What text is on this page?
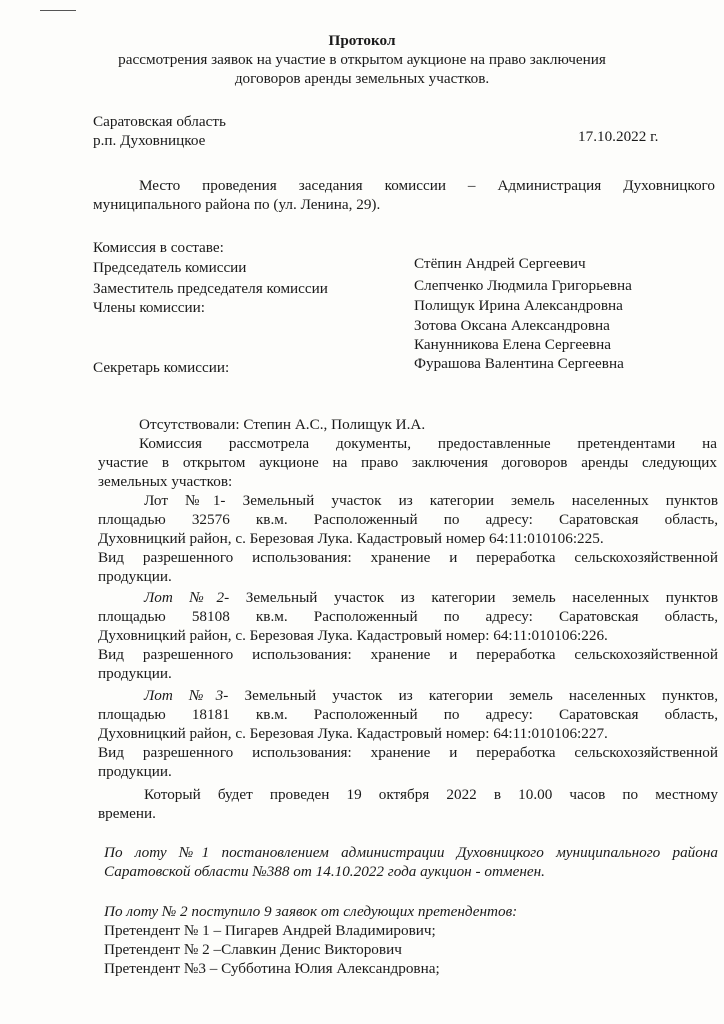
Протокол
рассмотрения заявок на участие в открытом аукционе на право заключения
договоров аренды земельных участков.
Саратовская область
р.п. Духовницкое	17.10.2022 г.
Место проведения заседания комиссии – Администрация Духовницкого
муниципального района по (ул. Ленина, 29).
Комиссия в составе:
Председатель комиссии	Стёпин Андрей Сергеевич
Заместитель председателя комиссии	Слепченко Людмила Григорьевна
Члены комиссии:	Полищук Ирина Александровна
Зотова Оксана Александровна
Канунникова Елена Сергеевна
Секретарь комиссии:	Фурашова Валентина Сергеевна
Отсутствовали: Степин А.С., Полищук И.А.
Комиссия рассмотрела документы, предоставленные претендентами на
участие в открытом аукционе на право заключения договоров аренды следующих
земельных участков:
Лот №1- Земельный участок из категории земель населенных пунктов
площадью 32576 кв.м. Расположенный по адресу: Саратовская область,
Духовницкий район, с. Березовая Лука. Кадастровый номер 64:11:010106:225.
Вид разрешенного использования: хранение и переработка сельскохозяйственной
продукции.
Лот №2- Земельный участок из категории земель населенных пунктов
площадью 58108 кв.м. Расположенный по адресу: Саратовская область,
Духовницкий район, с. Березовая Лука. Кадастровый номер: 64:11:010106:226.
Вид разрешенного использования: хранение и переработка сельскохозяйственной
продукции.
Лот №3- Земельный участок из категории земель населенных пунктов,
площадью 18181 кв.м. Расположенный по адресу: Саратовская область,
Духовницкий район, с. Березовая Лука. Кадастровый номер: 64:11:010106:227.
Вид разрешенного использования: хранение и переработка сельскохозяйственной
продукции.
Который будет проведен 19 октября 2022 в 10.00 часов по местному
времени.
По лоту №1 постановлением администрации Духовницкого муниципального района
Саратовской области №388 от 14.10.2022 года аукцион - отменен.
По лоту № 2 поступило 9 заявок от следующих претендентов:
Претендент № 1 – Пигарев Андрей Владимирович;
Претендент № 2 –Славкин Денис Викторович
Претендент №3 – Субботина Юлия Александровна;
